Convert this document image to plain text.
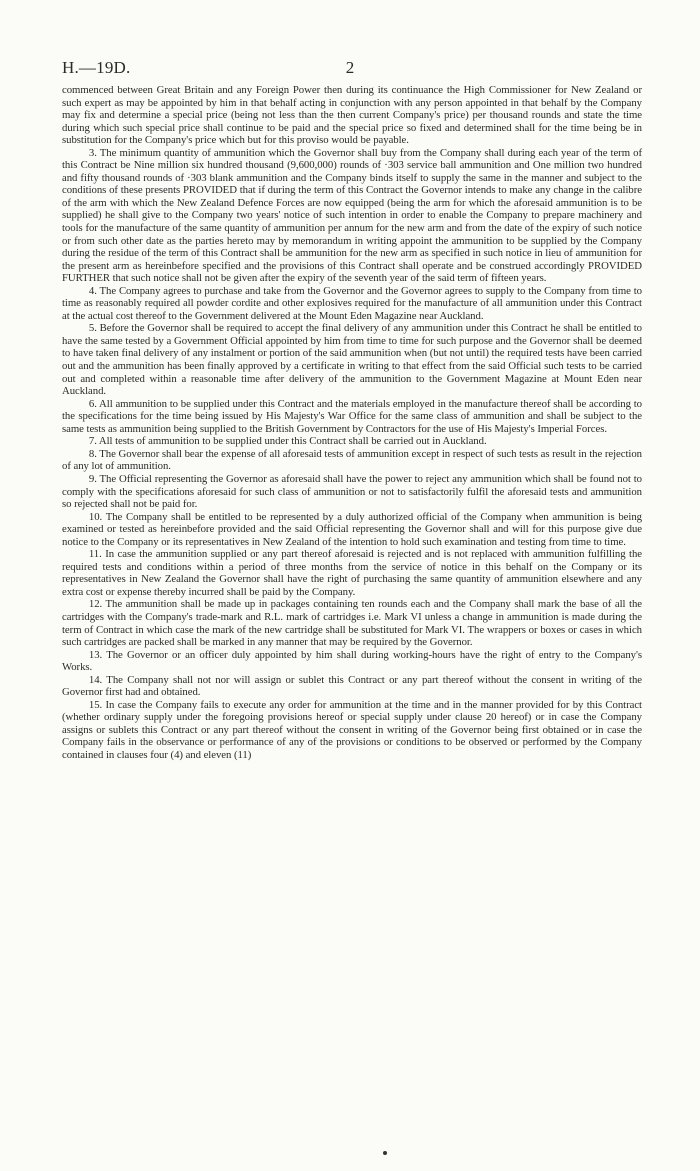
H.—19D.	2

commenced between Great Britain and any Foreign Power then during its continuance the High Commissioner for New Zealand or such expert as may be appointed by him in that behalf acting in conjunction with any person appointed in that behalf by the Company may fix and determine a special price (being not less than the then current Company's price) per thousand rounds and state the time during which such special price shall continue to be paid and the special price so fixed and determined shall for the time being be in substitution for the Company's price which but for this proviso would be payable.

3. The minimum quantity of ammunition which the Governor shall buy from the Company shall during each year of the term of this Contract be Nine million six hundred thousand (9,600,000) rounds of ·303 service ball ammunition and One million two hundred and fifty thousand rounds of ·303 blank ammunition and the Company binds itself to supply the same in the manner and subject to the conditions of these presents PROVIDED that if during the term of this Contract the Governor intends to make any change in the calibre of the arm with which the New Zealand Defence Forces are now equipped (being the arm for which the aforesaid ammunition is to be supplied) he shall give to the Company two years' notice of such intention in order to enable the Company to prepare machinery and tools for the manufacture of the same quantity of ammunition per annum for the new arm and from the date of the expiry of such notice or from such other date as the parties hereto may by memorandum in writing appoint the ammunition to be supplied by the Company during the residue of the term of this Contract shall be ammunition for the new arm as specified in such notice in lieu of ammunition for the present arm as hereinbefore specified and the provisions of this Contract shall operate and be construed accordingly PROVIDED FURTHER that such notice shall not be given after the expiry of the seventh year of the said term of fifteen years.

4. The Company agrees to purchase and take from the Governor and the Governor agrees to supply to the Company from time to time as reasonably required all powder cordite and other explosives required for the manufacture of all ammunition under this Contract at the actual cost thereof to the Government delivered at the Mount Eden Magazine near Auckland.

5. Before the Governor shall be required to accept the final delivery of any ammunition under this Contract he shall be entitled to have the same tested by a Government Official appointed by him from time to time for such purpose and the Governor shall be deemed to have taken final delivery of any instalment or portion of the said ammunition when (but not until) the required tests have been carried out and the ammunition has been finally approved by a certificate in writing to that effect from the said Official such tests to be carried out and completed within a reasonable time after delivery of the ammunition to the Government Magazine at Mount Eden near Auckland.

6. All ammunition to be supplied under this Contract and the materials employed in the manufacture thereof shall be according to the specifications for the time being issued by His Majesty's War Office for the same class of ammunition and shall be subject to the same tests as ammunition being supplied to the British Government by Contractors for the use of His Majesty's Imperial Forces.

7. All tests of ammunition to be supplied under this Contract shall be carried out in Auckland.

8. The Governor shall bear the expense of all aforesaid tests of ammunition except in respect of such tests as result in the rejection of any lot of ammunition.

9. The Official representing the Governor as aforesaid shall have the power to reject any ammunition which shall be found not to comply with the specifications aforesaid for such class of ammunition or not to satisfactorily fulfil the aforesaid tests and ammunition so rejected shall not be paid for.

10. The Company shall be entitled to be represented by a duly authorized official of the Company when ammunition is being examined or tested as hereinbefore provided and the said Official representing the Governor shall and will for this purpose give due notice to the Company or its representatives in New Zealand of the intention to hold such examination and testing from time to time.

11. In case the ammunition supplied or any part thereof aforesaid is rejected and is not replaced with ammunition fulfilling the required tests and conditions within a period of three months from the service of notice in this behalf on the Company or its representatives in New Zealand the Governor shall have the right of purchasing the same quantity of ammunition elsewhere and any extra cost or expense thereby incurred shall be paid by the Company.

12. The ammunition shall be made up in packages containing ten rounds each and the Company shall mark the base of all the cartridges with the Company's trade-mark and R.L. mark of cartridges i.e. Mark VI unless a change in ammunition is made during the term of Contract in which case the mark of the new cartridge shall be substituted for Mark VI. The wrappers or boxes or cases in which such cartridges are packed shall be marked in any manner that may be required by the Governor.

13. The Governor or an officer duly appointed by him shall during working-hours have the right of entry to the Company's Works.

14. The Company shall not nor will assign or sublet this Contract or any part thereof without the consent in writing of the Governor first had and obtained.

15. In case the Company fails to execute any order for ammunition at the time and in the manner provided for by this Contract (whether ordinary supply under the foregoing provisions hereof or special supply under clause 20 hereof) or in case the Company assigns or sublets this Contract or any part thereof without the consent in writing of the Governor being first obtained or in case the Company fails in the observance or performance of any of the provisions or conditions to be observed or performed by the Company contained in clauses four (4) and eleven (11)
